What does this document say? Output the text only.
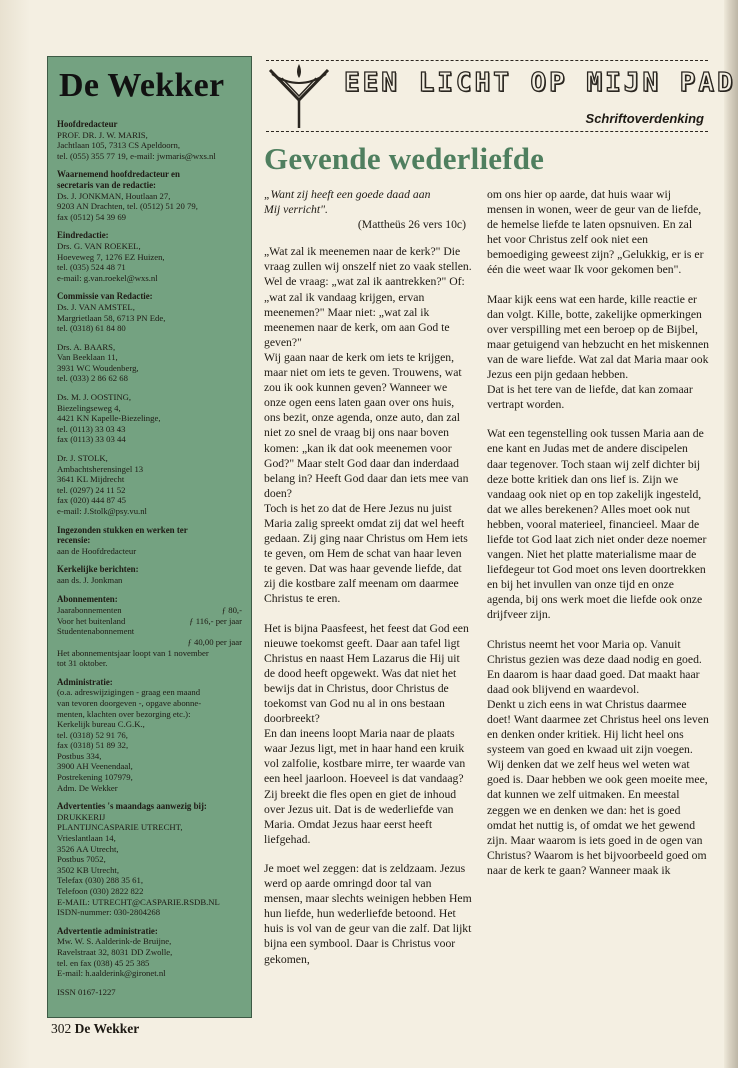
De Wekker
Hoofdredacteur
PROF. DR. J. W. MARIS,
Jachtlaan 105, 7313 CS Apeldoorn,
tel. (055) 355 77 19, e-mail: jwmaris@wxs.nl
Waarnemend hoofdredacteur en
secretaris van de redactie:
Ds. J. JONKMAN, Houtlaan 27,
9203 AN Drachten, tel. (0512) 51 20 79,
fax (0512) 54 39 69
Eindredactie:
Drs. G. VAN ROEKEL,
Hoeveweg 7, 1276 EZ Huizen,
tel. (035) 524 48 71
e-mail: g.van.roekel@wxs.nl
Commissie van Redactie:
Ds. J. VAN AMSTEL,
Margrietlaan 58, 6713 PN Ede,
tel. (0318) 61 84 80
Drs. A. BAARS,
Van Beeklaan 11,
3931 WC Woudenberg,
tel. (033) 2 86 62 68
Ds. M. J. OOSTING,
Biezelingseweg 4,
4421 KN Kapelle-Biezelinge,
tel. (0113) 33 03 43
fax (0113) 33 03 44
Dr. J. STOLK,
Ambachtsherensingel 13
3641 KL Mijdrecht
tel. (0297) 24 11 52
fax (020) 444 87 45
e-mail: J.Stolk@psy.vu.nl
Ingezonden stukken en werken ter
recensie:
aan de Hoofdredacteur
Kerkelijke berichten:
aan ds. J. Jonkman
Abonnementen:
Jaarabonnementen	ƒ 80,-
Voor het buitenland	ƒ 116,- per jaar
Studentenabonnement
ƒ 40,00 per jaar
Het abonnementsjaar loopt van 1 november
tot 31 oktober.
Administratie:
(o.a. adreswijzigingen - graag een maand
van tevoren doorgeven -, opgave abonne-
menten, klachten over bezorging etc.):
Kerkelijk bureau C.G.K.,
tel. (0318) 52 91 76,
fax (0318) 51 89 32,
Postbus 334,
3900 AH Veenendaal,
Postrekening 107979,
Adm. De Wekker
Advertenties 's maandags aanwezig bij:
DRUKKERIJ
PLANTIJNCASPARIE UTRECHT,
Vrieslantlaan 14,
3526 AA Utrecht,
Postbus 7052,
3502 KB Utrecht,
Telefax (030) 288 35 61,
Telefoon (030) 2822 822
E-MAIL: UTRECHT@CASPARIE.RSDB.NL
ISDN-nummer: 030-2804268
Advertentie administratie:
Mw. W. S. Aalderink-de Bruijne,
Ravelstraat 32, 8031 DD Zwolle,
tel. en fax (038) 45 25 385
E-mail: h.aalderink@gironet.nl
ISSN 0167-1227
EEN LICHT OP MIJN PAD
Schriftoverdenking
Gevende wederliefde
„Want zij heeft een goede daad aan
Mij verricht".
(Mattheüs 26 vers 10c)

„Wat zal ik meenemen naar de kerk?" Die vraag zullen wij onszelf niet zo vaak stellen. Wel de vraag: „wat zal ik aantrekken?" Of: „wat zal ik vandaag krijgen, ervan meenemen?" Maar niet: „wat zal ik meenemen naar de kerk, om aan God te geven?"

Wij gaan naar de kerk om iets te krijgen, maar niet om iets te geven. Trouwens, wat zou ik ook kunnen geven? Wanneer we onze ogen eens laten gaan over ons huis, ons bezit, onze agenda, onze auto, dan zal niet zo snel de vraag bij ons naar boven komen: „kan ik dat ook meenemen voor God?" Maar stelt God daar dan inderdaad belang in? Heeft God daar dan iets mee van doen?

Toch is het zo dat de Here Jezus nu juist Maria zalig spreekt omdat zij dat wel heeft gedaan. Zij ging naar Christus om Hem iets te geven, om Hem de schat van haar leven te geven. Dat was haar gevende liefde, dat zij die kostbare zalf meenam om daarmee Christus te eren.

Het is bijna Paasfeest, het feest dat God een nieuwe toekomst geeft. Daar aan tafel ligt Christus en naast Hem Lazarus die Hij uit de dood heeft opgewekt. Was dat niet het bewijs dat in Christus, door Christus de toekomst van God nu al in ons bestaan doorbreekt?

En dan ineens loopt Maria naar de plaats waar Jezus ligt, met in haar hand een kruik vol zalfolie, kostbare mirre, ter waarde van een heel jaarloon. Hoeveel is dat vandaag?

Zij breekt die fles open en giet de inhoud over Jezus uit. Dat is de wederliefde van Maria. Omdat Jezus haar eerst heeft liefgehad.

Je moet wel zeggen: dat is zeldzaam. Jezus werd op aarde omringd door tal van mensen, maar slechts weinigen hebben Hem hun liefde, hun wederliefde betoond. Het huis is vol van de geur van die zalf. Dat lijkt bijna een symbool. Daar is Christus voor gekomen,

om ons hier op aarde, dat huis waar wij mensen in wonen, weer de geur van de liefde, de hemelse liefde te laten opsnuiven. En zal het voor Christus zelf ook niet een bemoediging geweest zijn? „Gelukkig, er is er één die weet waar Ik voor gekomen ben".

Maar kijk eens wat een harde, kille reactie er dan volgt. Kille, botte, zakelijke opmerkingen over verspilling met een beroep op de Bijbel, maar getuigend van hebzucht en het miskennen van de ware liefde. Wat zal dat Maria maar ook Jezus een pijn gedaan hebben.

Dat is het tere van de liefde, dat kan zomaar vertrapt worden.

Wat een tegenstelling ook tussen Maria aan de ene kant en Judas met de andere discipelen daar tegenover. Toch staan wij zelf dichter bij deze botte kritiek dan ons lief is. Zijn we vandaag ook niet op en top zakelijk ingesteld, dat we alles berekenen? Alles moet ook nut hebben, vooral materieel, financieel. Maar de liefde tot God laat zich niet onder deze noemer vangen. Niet het platte materialisme maar de liefdegeur tot God moet ons leven doortrekken en bij het invullen van onze tijd en onze agenda, bij ons werk moet die liefde ook onze drijfveer zijn.

Christus neemt het voor Maria op. Vanuit Christus gezien was deze daad nodig en goed. En daarom is haar daad goed. Dat maakt haar daad ook blijvend en waardevol.

Denkt u zich eens in wat Christus daarmee doet! Want daarmee zet Christus heel ons leven en denken onder kritiek. Hij licht heel ons systeem van goed en kwaad uit zijn voegen. Wij denken dat we zelf heus wel weten wat goed is. Daar hebben we ook geen moeite mee, dat kunnen we zelf uitmaken. En meestal zeggen we en denken we dan: het is goed omdat het nuttig is, of omdat we het gewend zijn. Maar waarom is iets goed in de ogen van Christus? Waarom is het bijvoorbeeld goed om naar de kerk te gaan? Wanneer maak ik

302 De Wekker
